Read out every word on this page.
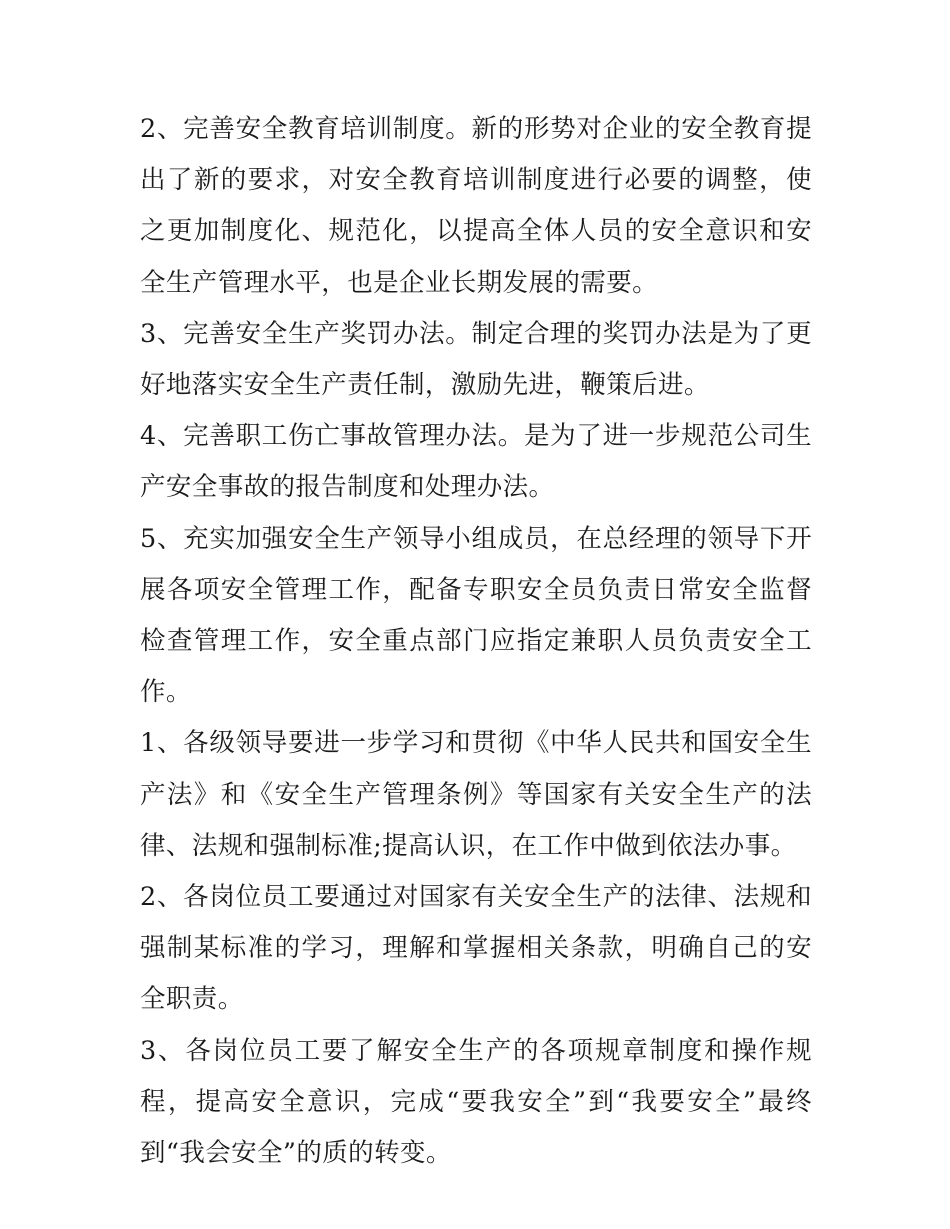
2、完善安全教育培训制度。新的形势对企业的安全教育提出了新的要求，对安全教育培训制度进行必要的调整，使之更加制度化、规范化，以提高全体人员的安全意识和安全生产管理水平，也是企业长期发展的需要。

3、完善安全生产奖罚办法。制定合理的奖罚办法是为了更好地落实安全生产责任制，激励先进，鞭策后进。

4、完善职工伤亡事故管理办法。是为了进一步规范公司生产安全事故的报告制度和处理办法。

5、充实加强安全生产领导小组成员，在总经理的领导下开展各项安全管理工作，配备专职安全员负责日常安全监督检查管理工作，安全重点部门应指定兼职人员负责安全工作。

1、各级领导要进一步学习和贯彻《中华人民共和国安全生产法》和《安全生产管理条例》等国家有关安全生产的法律、法规和强制标准;提高认识，在工作中做到依法办事。

2、各岗位员工要通过对国家有关安全生产的法律、法规和强制某标准的学习，理解和掌握相关条款，明确自己的安全职责。

3、各岗位员工要了解安全生产的各项规章制度和操作规程，提高安全意识，完成“要我安全”到“我要安全”最终到“我会安全”的质的转变。
